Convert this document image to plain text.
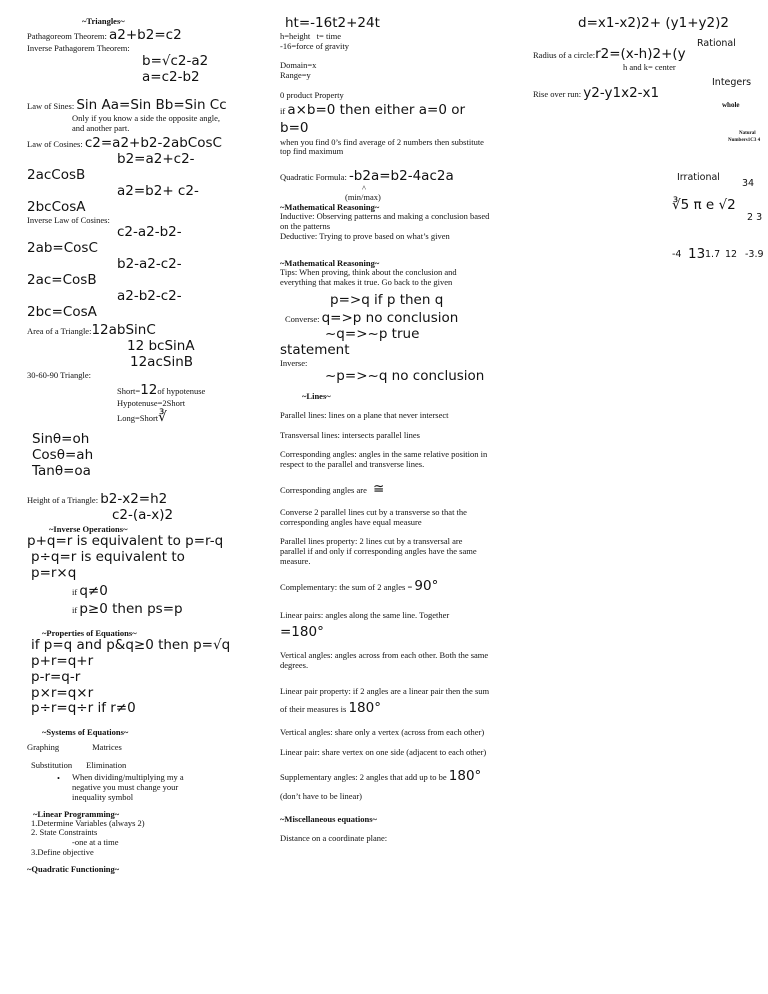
~Triangles~
Pathagoreom Theorem: a2+b2=c2
Inverse Pathagorem Theorem:
b=√c2-a2
a=c2-b2
Law of Sines: Sin Aa=Sin Bb=Sin Cc
Only if you know a side the opposite angle, and another part.
Law of Cosines: c2=a2+b2-2abCosC
b2=a2+c2-2acCosB
a2=b2+ c2-2bcCosA
Inverse Law of Cosines:
c2-a2-b2-2ab=CosC
b2-a2-c2-2ac=CosB
a2-b2-c2-2bc=CosA
Area of a Triangle:12abSinC
12 bcSinA
12acSinB
30-60-90 Triangle:
Short=12of hypotenuse
Hypotenuse=2Short
Long=Short∛
Sinθ=oh
Cosθ=ah
Tanθ=oa
Height of a Triangle: b2-x2=h2
c2-(a-x)2
~Inverse Operations~
p+q=r is equivalent to p=r-q
p÷q=r is equivalent to p=r×q
if q≠0
if p≥0 then ps=p
~Properties of Equations~
if p=q and p&q≥0 then p=√q
p+r=q+r
p-r=q-r
p×r=q×r
p÷r=q÷r if r≠0
~Systems of Equations~
Graphing	Matrices
Substitution Elimination
•	When dividing/multiplying my a negative you must change your inequality symbol
~Linear Programming~
1.Determine Variables (always 2)
2. State Constraints
-one at a time
3.Define objective
~Quadratic Functioning~
ht=-16t2+24t
h=height   t= time
-16=force of gravity
Domain=x
Range=y
0 product Property
if a×b=0 then either a=0 or b=0
when you find 0’s find average of 2 numbers then substitute top find maximum
Quadratic Formula: -b2a=b2-4ac2a
^
(min/max)
~Mathematical Reasoning~
Inductive: Observing patterns and making a conclusion based on the patterns
Deductive: Trying to prove based on what’s given
~Mathematical Reasoning~
Tips: When proving, think about the conclusion and everything that makes it true. Go back to the given
p=>q if p then q
Converse: q=>p no conclusion
~q=>~p true statement
Inverse:
~p=>~q no conclusion
~Lines~
Parallel lines: lines on a plane that never intersect
Transversal lines: intersects parallel lines
Corresponding angles: angles in the same relative position in respect to the parallel and transverse lines.
Corresponding angles are ≅
Converse 2 parallel lines cut by a transverse so that the corresponding angles have equal measure
Parallel lines property: 2 lines cut by a transversal are parallel if and only if corresponding angles have the same measure.
Complementary: the sum of 2 angles = 90°
Linear pairs: angles along the same line. Together =180°
Vertical angles: angles across from each other. Both the same degrees.
Linear pair property: if 2 angles are a linear pair then the sum of their measures is 180°
Vertical angles: share only a vertex (across from each other)
Linear pair: share vertex on one side (adjacent to each other)
Supplementary angles: 2 angles that add up to be 180° (don’t have to be linear)
~Miscellaneous equations~
Distance on a coordinate plane:
d=x1-x2)2+ (y1+y2)2
Radius of a circle:r2=(x-h)2+(y
h and k= center
Rise over run: y2-y1x2-x1
Rational
Integers
whole
Natural
Numbers1C3 4
Irrational
34
∛5 π e √2
2 3
-4 13 1.7 12 -3.9
